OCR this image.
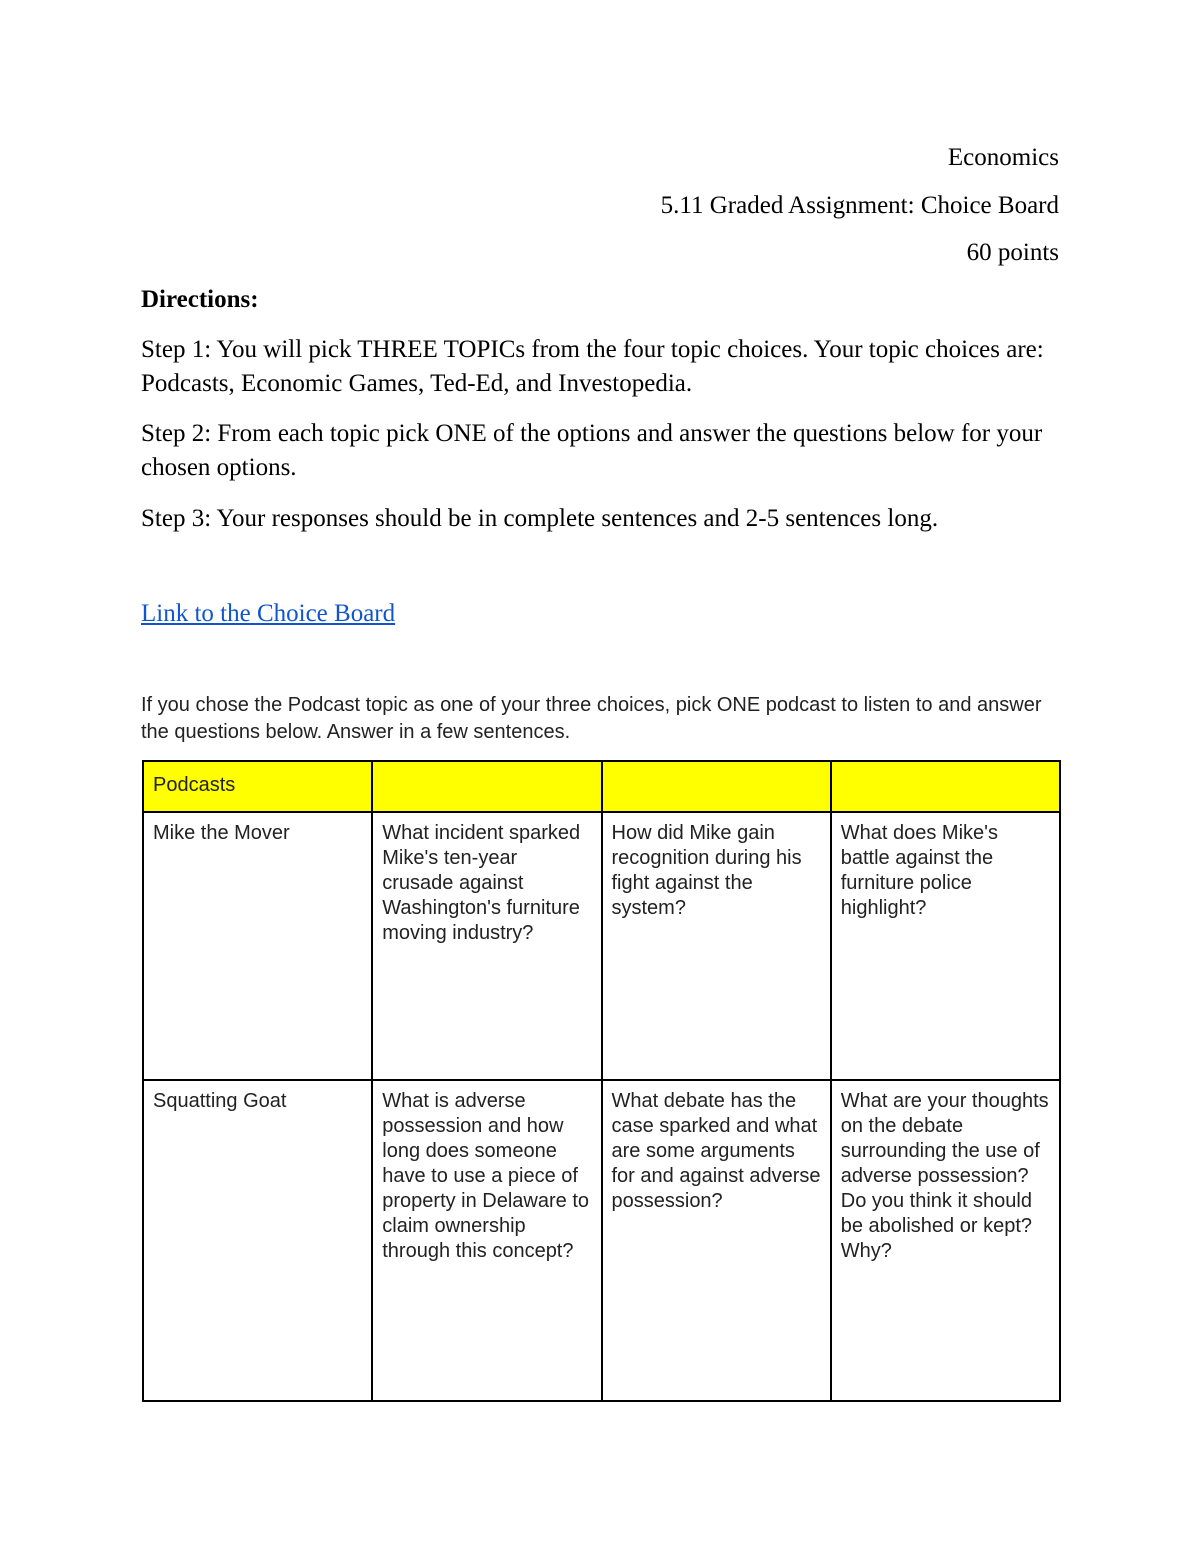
Economics
5.11 Graded Assignment: Choice Board
60 points
Directions:
Step 1: You will pick THREE TOPICs from the four topic choices. Your topic choices are: Podcasts, Economic Games, Ted-Ed, and Investopedia.
Step 2: From each topic pick ONE of the options and answer the questions below for your chosen options.
Step 3: Your responses should be in complete sentences and 2-5 sentences long.
Link to the Choice Board
If you chose the Podcast topic as one of your three choices, pick ONE podcast to listen to and answer the questions below. Answer in a few sentences.
Podcasts			
Mike the Mover	What incident sparked Mike's ten-year crusade against Washington's furniture moving industry?	How did Mike gain recognition during his fight against the system?	What does Mike's battle against the furniture police highlight?
Squatting Goat	What is adverse possession and how long does someone have to use a piece of property in Delaware to claim ownership through this concept?	What debate has the case sparked and what are some arguments for and against adverse possession?	What are your thoughts on the debate surrounding the use of adverse possession? Do you think it should be abolished or kept? Why?
